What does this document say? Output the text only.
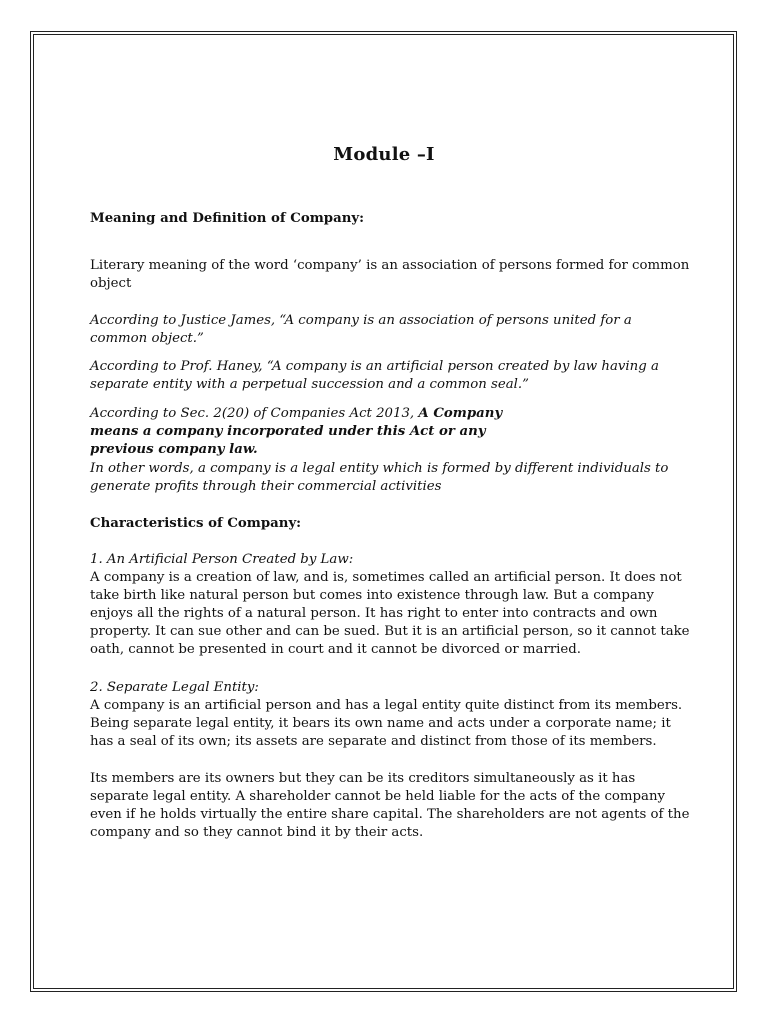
Module –I

Meaning and Definition of Company:

Literary meaning of the word ‘company’ is an association of persons formed for common object

According to Justice James, “A company is an association of persons united for a common object.”

According to Prof. Haney, “A company is an artificial person created by law having a separate entity with a perpetual succession and a common seal.”

According to Sec. 2(20) of Companies Act 2013, A Company means a company incorporated under this Act or any previous company law.

In other words, a company is a legal entity which is formed by different individuals to generate profits through their commercial activities

Characteristics of Company:

1. An Artificial Person Created by Law:

A company is a creation of law, and is, sometimes called an artificial person. It does not take birth like natural person but comes into existence through law. But a company enjoys all the rights of a natural person. It has right to enter into contracts and own property. It can sue other and can be sued. But it is an artificial person, so it cannot take oath, cannot be presented in court and it cannot be divorced or married.

2. Separate Legal Entity:

A company is an artificial person and has a legal entity quite distinct from its members. Being separate legal entity, it bears its own name and acts under a corporate name; it has a seal of its own; its assets are separate and distinct from those of its members.

Its members are its owners but they can be its creditors simultaneously as it has separate legal entity. A shareholder cannot be held liable for the acts of the company even if he holds virtually the entire share capital. The shareholders are not agents of the company and so they cannot bind it by their acts.
